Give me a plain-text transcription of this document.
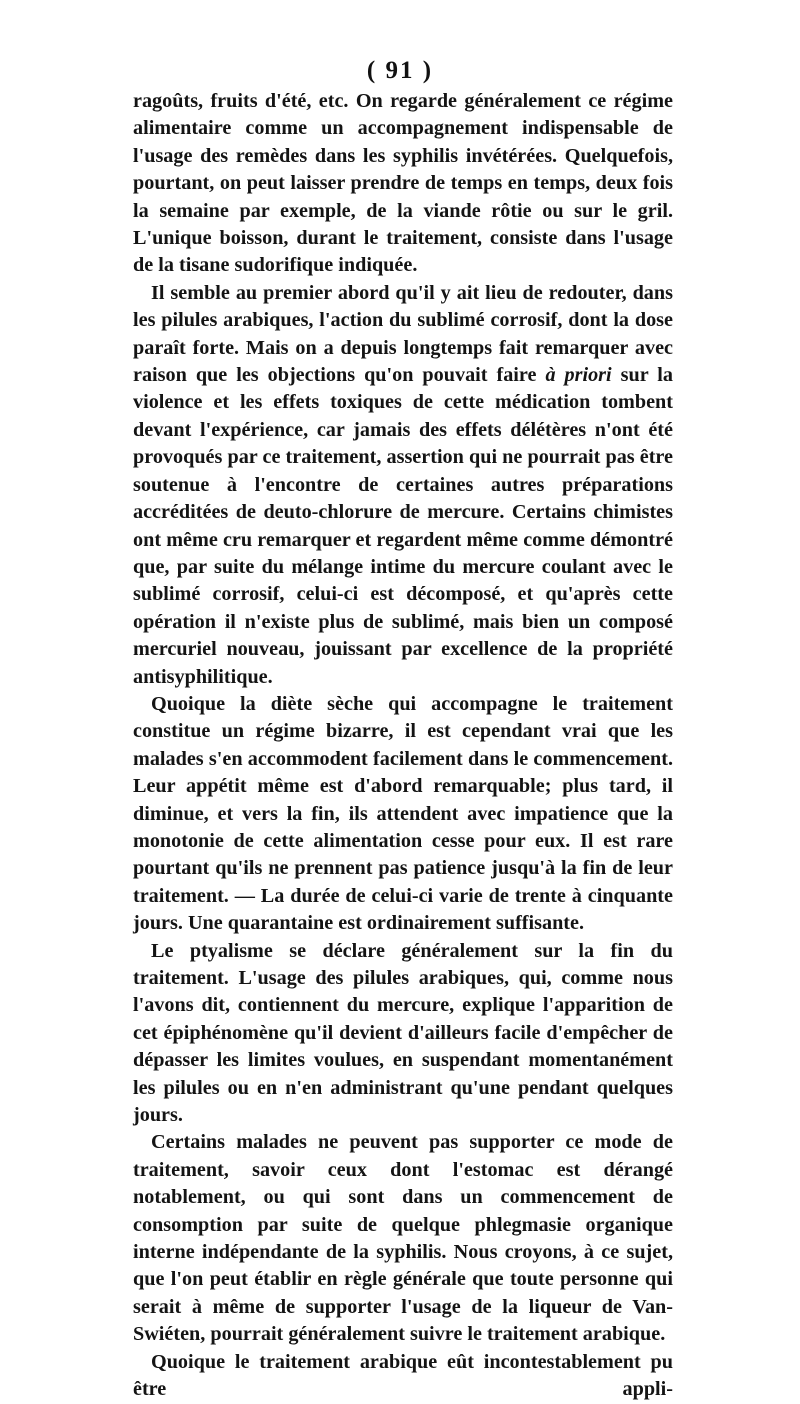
( 91 )

ragoûts, fruits d'été, etc. On regarde généralement ce régime alimentaire comme un accompagnement indispensable de l'usage des remèdes dans les syphilis invétérées. Quelquefois, pourtant, on peut laisser prendre de temps en temps, deux fois la semaine par exemple, de la viande rôtie ou sur le gril. L'unique boisson, durant le traitement, consiste dans l'usage de la tisane sudorifique indiquée.

Il semble au premier abord qu'il y ait lieu de redouter, dans les pilules arabiques, l'action du sublimé corrosif, dont la dose paraît forte. Mais on a depuis longtemps fait remarquer avec raison que les objections qu'on pouvait faire à priori sur la violence et les effets toxiques de cette médication tombent devant l'expérience, car jamais des effets délétères n'ont été provoqués par ce traitement, assertion qui ne pourrait pas être soutenue à l'encontre de certaines autres préparations accréditées de deuto-chlorure de mercure. Certains chimistes ont même cru remarquer et regardent même comme démontré que, par suite du mélange intime du mercure coulant avec le sublimé corrosif, celui-ci est décomposé, et qu'après cette opération il n'existe plus de sublimé, mais bien un composé mercuriel nouveau, jouissant par excellence de la propriété antisyphilitique.

Quoique la diète sèche qui accompagne le traitement constitue un régime bizarre, il est cependant vrai que les malades s'en accommodent facilement dans le commencement. Leur appétit même est d'abord remarquable; plus tard, il diminue, et vers la fin, ils attendent avec impatience que la monotonie de cette alimentation cesse pour eux. Il est rare pourtant qu'ils ne prennent pas patience jusqu'à la fin de leur traitement. — La durée de celui-ci varie de trente à cinquante jours. Une quarantaine est ordinairement suffisante.

Le ptyalisme se déclare généralement sur la fin du traitement. L'usage des pilules arabiques, qui, comme nous l'avons dit, contiennent du mercure, explique l'apparition de cet épiphénomène qu'il devient d'ailleurs facile d'empêcher de dépasser les limites voulues, en suspendant momentanément les pilules ou en n'en administrant qu'une pendant quelques jours.

Certains malades ne peuvent pas supporter ce mode de traitement, savoir ceux dont l'estomac est dérangé notablement, ou qui sont dans un commencement de consomption par suite de quelque phlegmasie organique interne indépendante de la syphilis. Nous croyons, à ce sujet, que l'on peut établir en règle générale que toute personne qui serait à même de supporter l'usage de la liqueur de Van-Swiéten, pourrait généralement suivre le traitement arabique.

Quoique le traitement arabique eût incontestablement pu être appli-
